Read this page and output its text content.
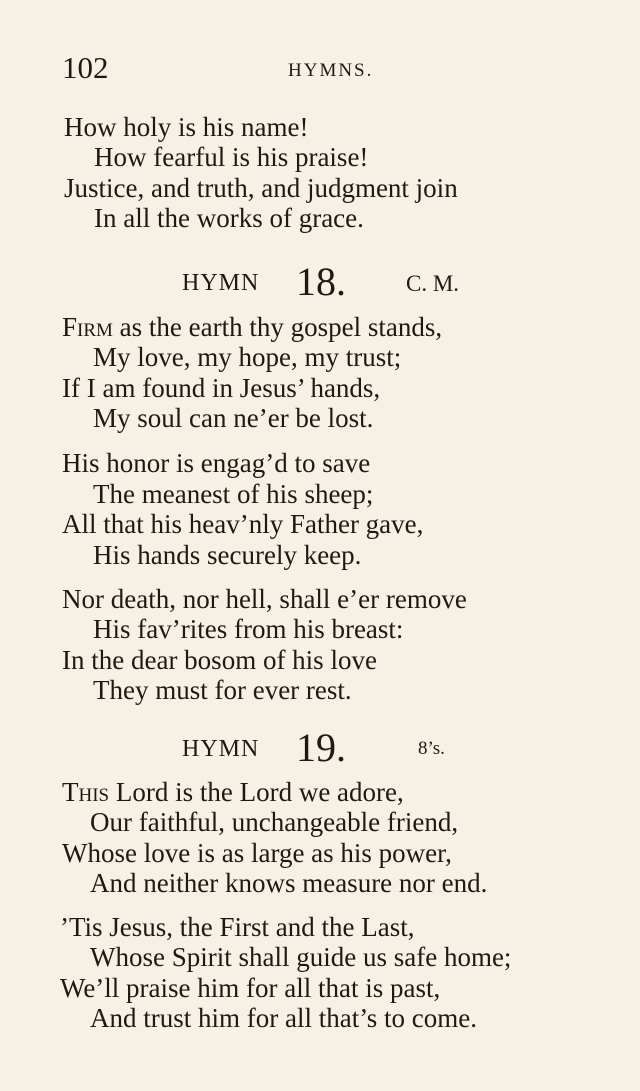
102	HYMNS.
How holy is his name!
How fearful is his praise!
Justice, and truth, and judgment join
In all the works of grace.
HYMN 18.	C. M.
Firm as the earth thy gospel stands,
My love, my hope, my trust;
If I am found in Jesus’ hands,
My soul can ne’er be lost.
His honor is engag’d to save
The meanest of his sheep;
All that his heav’nly Father gave,
His hands securely keep.
Nor death, nor hell, shall e’er remove
His fav’rites from his breast:
In the dear bosom of his love
They must for ever rest.
HYMN 19.	8’s.
This Lord is the Lord we adore,
Our faithful, unchangeable friend,
Whose love is as large as his power,
And neither knows measure nor end.
’Tis Jesus, the First and the Last,
Whose Spirit shall guide us safe home;
We’ll praise him for all that is past,
And trust him for all that’s to come.
